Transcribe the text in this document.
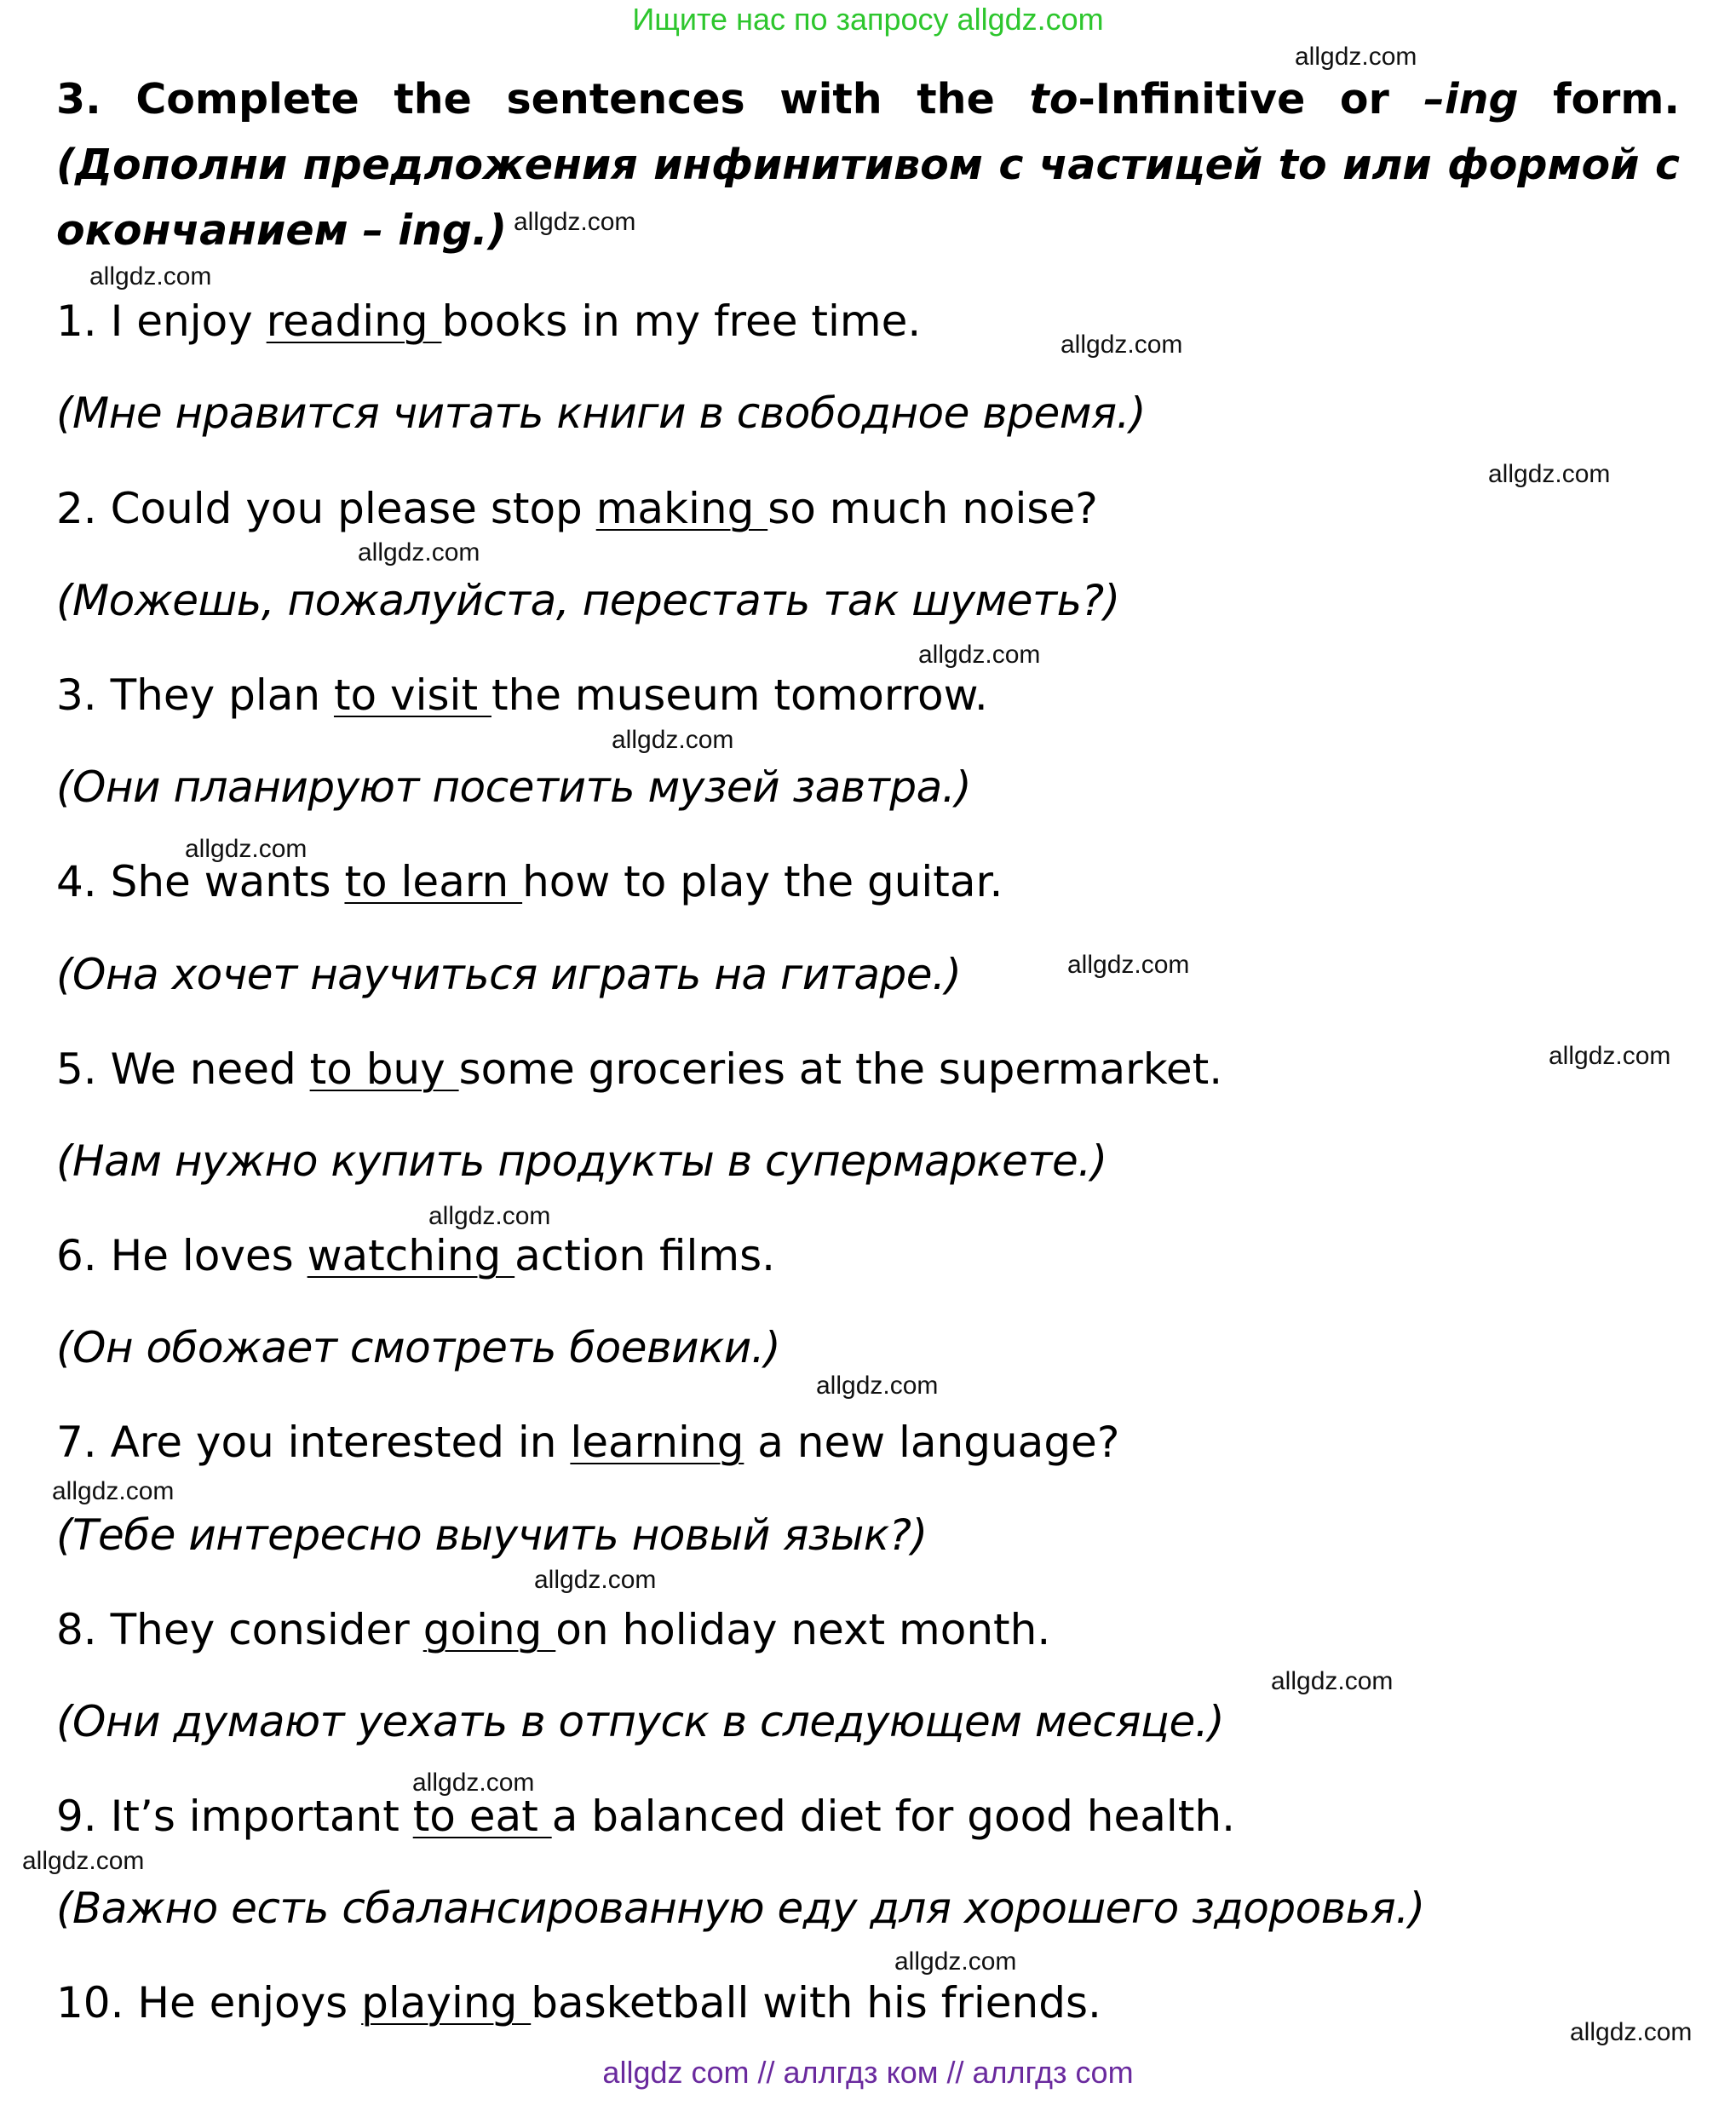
Ищите нас по запросу allgdz.com
3. Complete the sentences with the to-Infinitive or –ing form. (Дополни предложения инфинитивом с частицей to или формой с окончанием – ing.)
1. I enjoy reading books in my free time.
(Мне нравится читать книги в свободное время.)
2. Could you please stop making so much noise?
(Можешь, пожалуйста, перестать так шуметь?)
3. They plan to visit the museum tomorrow.
(Они планируют посетить музей завтра.)
4. She wants to learn how to play the guitar.
(Она хочет научиться играть на гитаре.)
5. We need to buy some groceries at the supermarket.
(Нам нужно купить продукты в супермаркете.)
6. He loves watching action films.
(Он обожает смотреть боевики.)
7. Are you interested in learning a new language?
(Тебе интересно выучить новый язык?)
8. They consider going on holiday next month.
(Они думают уехать в отпуск в следующем месяце.)
9. It’s important to eat a balanced diet for good health.
(Важно есть сбалансированную еду для хорошего здоровья.)
10. He enjoys playing basketball with his friends.
allgdz.com
allgdz.com
allgdz.com
allgdz.com
allgdz.com
allgdz.com
allgdz.com
allgdz.com
allgdz.com
allgdz.com
allgdz.com
allgdz.com
allgdz.com
allgdz.com
allgdz.com
allgdz.com
allgdz.com
allgdz.com
allgdz.com
allgdz.com
allgdz com // аллгдз ком // аллгдз com
